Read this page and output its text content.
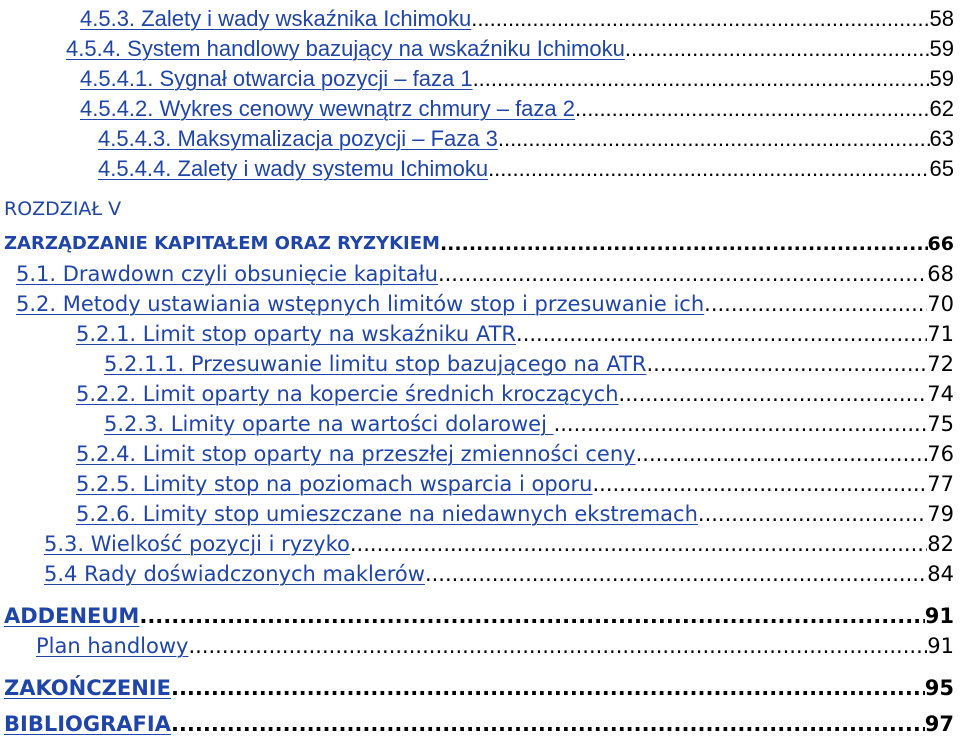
4.5.3. Zalety i wady wskaźnika Ichimoku .....	58
4.5.4. System handlowy bazujący na wskaźniku Ichimoku .....	59
4.5.4.1. Sygnał otwarcia pozycji – faza 1 .....	59
4.5.4.2. Wykres cenowy wewnątrz chmury – faza 2 .....	62
4.5.4.3. Maksymalizacja pozycji – Faza 3 .....	63
4.5.4.4. Zalety i wady systemu Ichimoku .....	65
ROZDZIAŁ V
ZARZĄDZANIE KAPITAŁEM ORAZ RYZYKIEM .....	66
5.1. Drawdown czyli obsunięcie kapitału .....	68
5.2. Metody ustawiania wstępnych limitów stop i przesuwanie ich .....	70
5.2.1. Limit stop oparty na wskaźniku ATR .....	71
5.2.1.1. Przesuwanie limitu stop bazującego na ATR .....	72
5.2.2. Limit oparty na kopercie średnich kroczących .....	74
5.2.3. Limity oparte na wartości dolarowej .....	75
5.2.4. Limit stop oparty na przeszłej zmienności ceny .....	76
5.2.5. Limity stop na poziomach wsparcia i oporu .....	77
5.2.6. Limity stop umieszczane na niedawnych ekstremach .....	79
5.3. Wielkość pozycji i ryzyko .....	82
5.4 Rady doświadczonych maklerów .....	84
ADDENEUM .....	91
Plan handlowy .....	91
ZAKOŃCZENIE .....	95
BIBLIOGRAFIA .....	97
